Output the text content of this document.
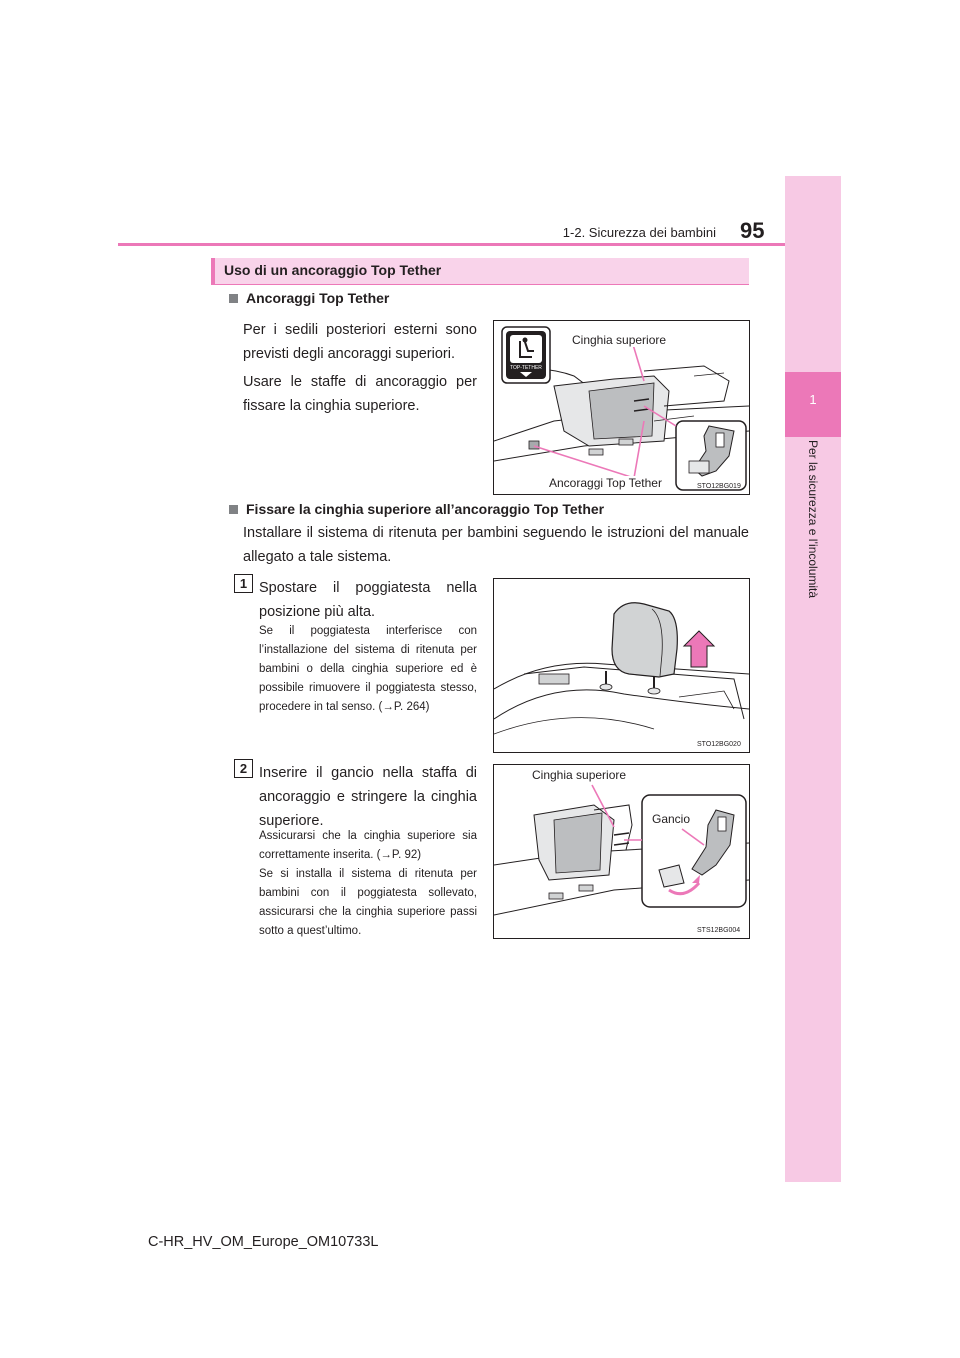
1
Per la sicurezza e l’incolumità
1-2. Sicurezza dei bambini 95
Uso di un ancoraggio Top Tether
Ancoraggi Top Tether
Per i sedili posteriori esterni sono previsti degli ancoraggi superiori.
Usare le staffe di ancoraggio per fissare la cinghia superiore.
TOP-TETHER
Cinghia superiore
Ancoraggi Top Tether	STO12BG019
Fissare la cinghia superiore all’ancoraggio Top Tether
Installare il sistema di ritenuta per bambini seguendo le istruzioni del manuale allegato a tale sistema.
1 Spostare il poggiatesta nella posizione più alta.
Se il poggiatesta interferisce con l’installazione del sistema di ritenuta per bambini o della cinghia superiore ed è possibile rimuovere il poggiatesta stesso, procedere in tal senso. (→P. 264)
STO12BG020
2 Inserire il gancio nella staffa di ancoraggio e stringere la cinghia superiore.
Assicurarsi che la cinghia superiore sia correttamente inserita. (→P. 92)
Se si installa il sistema di ritenuta per bambini con il poggiatesta sollevato, assicurarsi che la cinghia superiore passi sotto a quest’ultimo.
Cinghia superiore
Gancio
STS12BG004
C-HR_HV_OM_Europe_OM10733L
